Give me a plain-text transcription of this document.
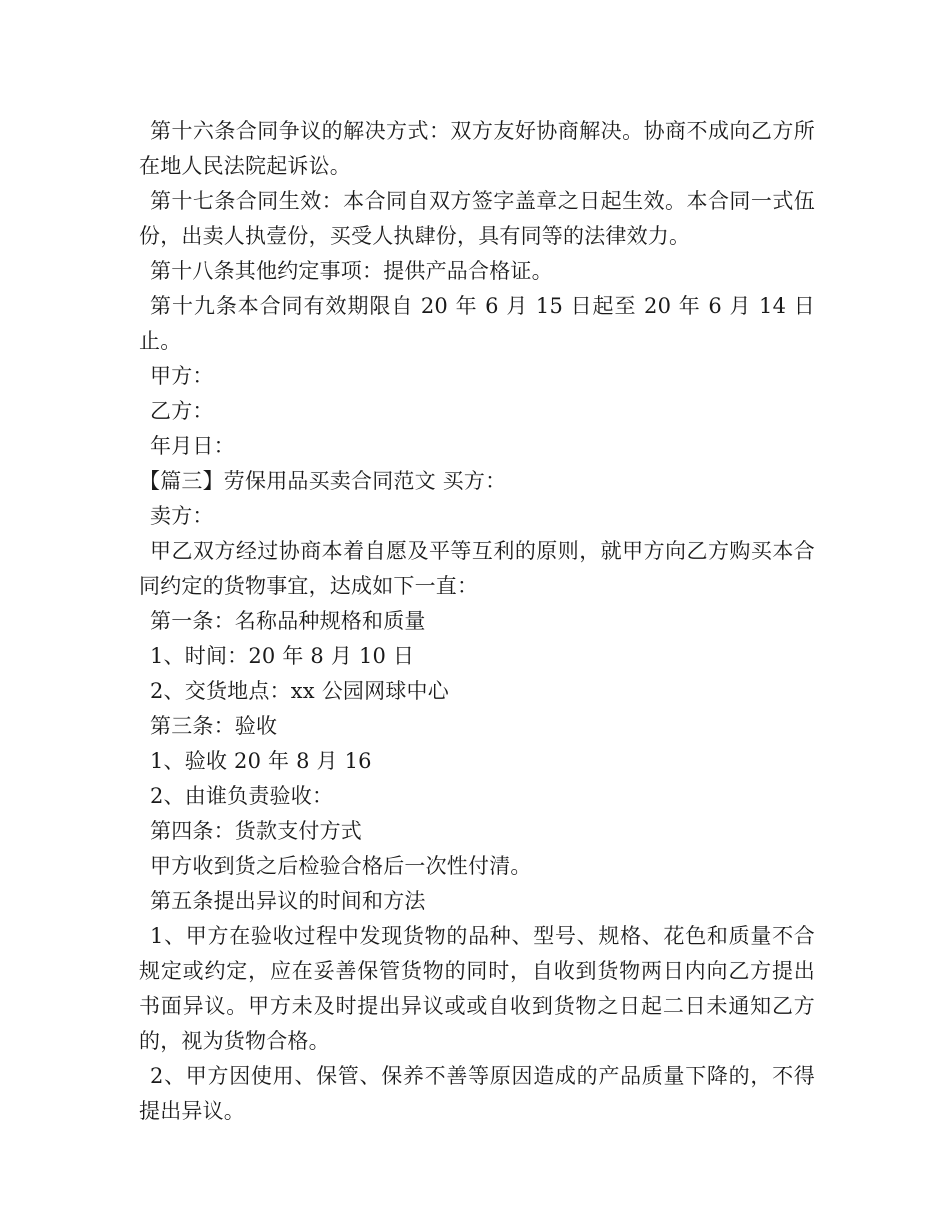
第十六条合同争议的解决方式：双方友好协商解决。协商不成向乙方所在地人民法院起诉讼。

第十七条合同生效：本合同自双方签字盖章之日起生效。本合同一式伍份，出卖人执壹份，买受人执肆份，具有同等的法律效力。

第十八条其他约定事项：提供产品合格证。

第十九条本合同有效期限自 20 年 6 月 15 日起至 20 年 6 月 14 日止。

甲方：

乙方：

年月日：

【篇三】劳保用品买卖合同范文 买方：

卖方：

甲乙双方经过协商本着自愿及平等互利的原则，就甲方向乙方购买本合同约定的货物事宜，达成如下一直：

第一条：名称品种规格和质量

1、时间：20 年 8 月 10 日

2、交货地点：xx 公园网球中心

第三条：验收

1、验收 20 年 8 月 16

2、由谁负责验收：

第四条：货款支付方式

甲方收到货之后检验合格后一次性付清。

第五条提出异议的时间和方法

1、甲方在验收过程中发现货物的品种、型号、规格、花色和质量不合规定或约定，应在妥善保管货物的同时，自收到货物两日内向乙方提出书面异议。甲方未及时提出异议或或自收到货物之日起二日未通知乙方的，视为货物合格。

2、甲方因使用、保管、保养不善等原因造成的产品质量下降的，不得提出异议。
